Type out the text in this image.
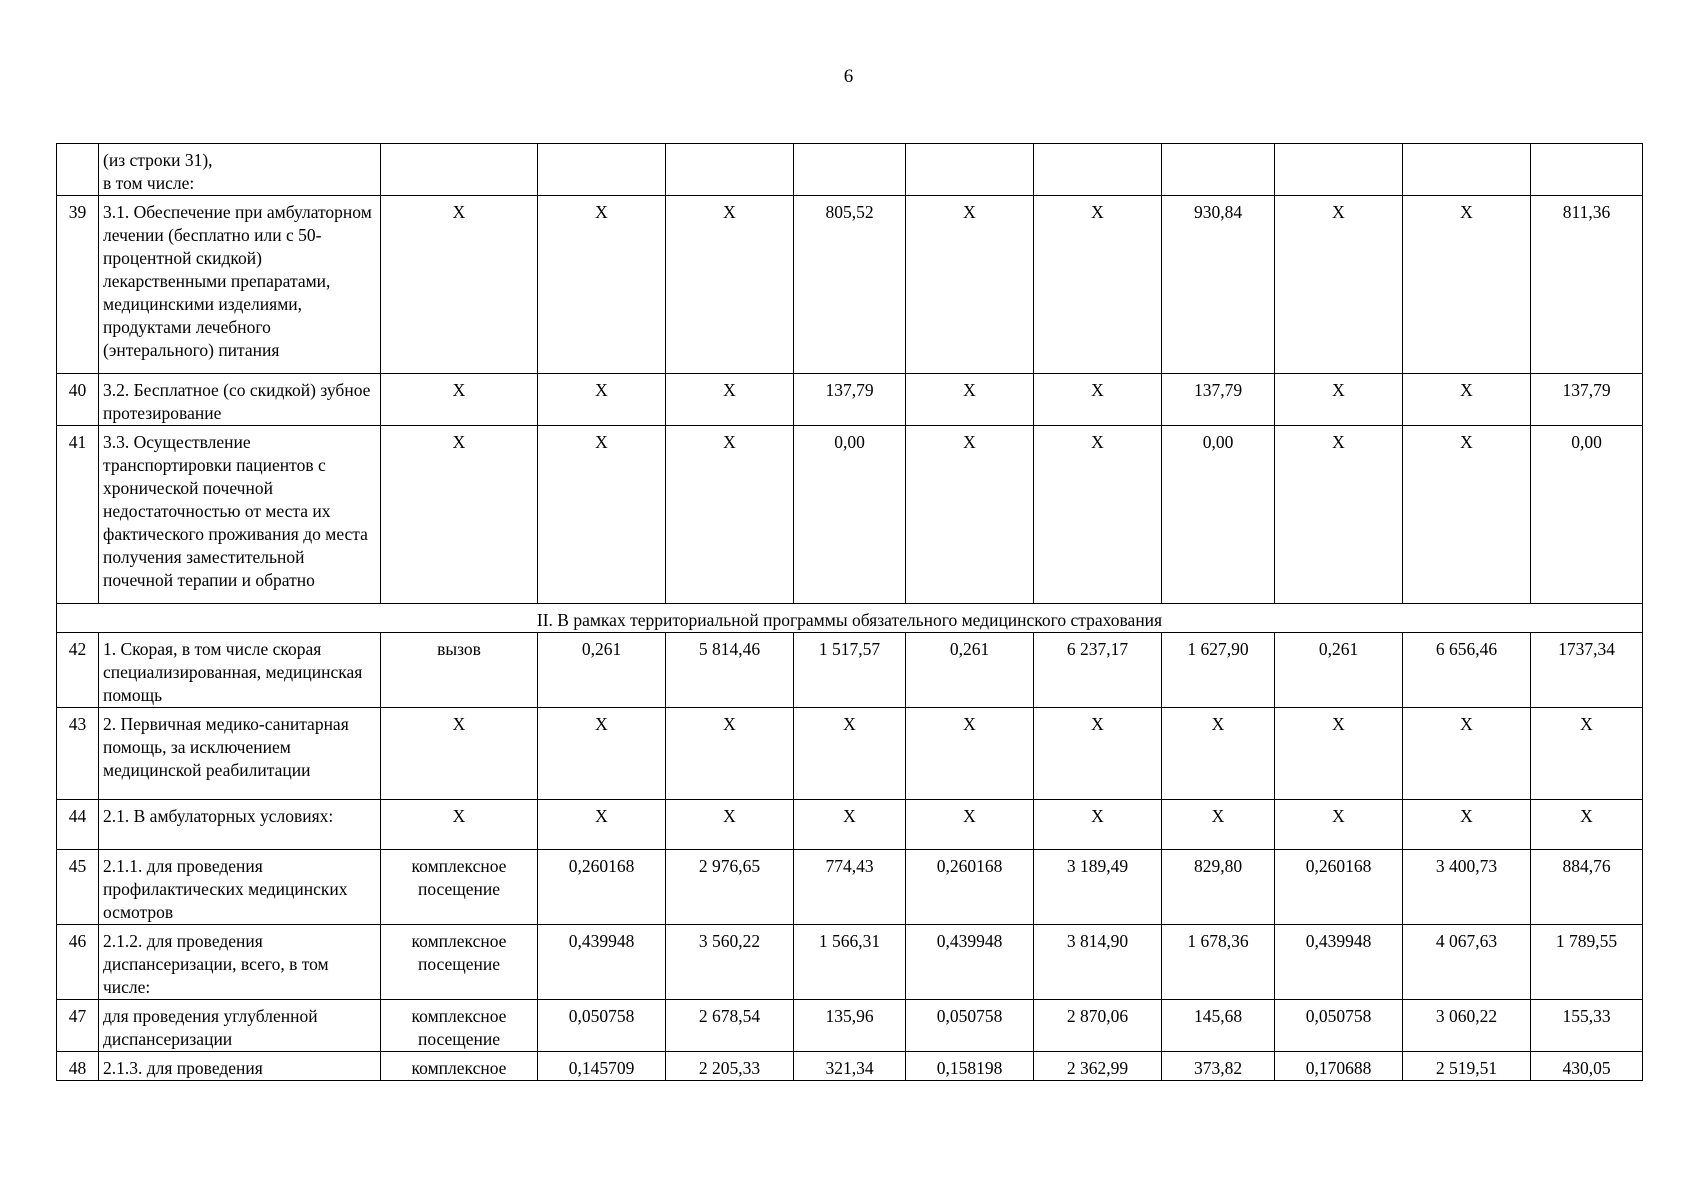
6
	(из строки 31),
в том числе:										
39	3.1. Обеспечение при амбулаторном лечении (бесплатно или с 50-процентной скидкой) лекарственными препаратами, медицинскими изделиями, продуктами лечебного (энтерального) питания	Х	Х	Х	805,52	Х	Х	930,84	Х	Х	811,36
40	3.2. Бесплатное (со скидкой) зубное протезирование	Х	Х	Х	137,79	Х	Х	137,79	Х	Х	137,79
41	3.3. Осуществление транспортировки пациентов с хронической почечной недостаточностью от места их фактического проживания до места получения заместительной почечной терапии и обратно	Х	Х	Х	0,00	Х	Х	0,00	Х	Х	0,00
II. В рамках территориальной программы обязательного медицинского страхования											
42	1. Скорая, в том числе скорая специализированная, медицинская помощь	вызов	0,261	5 814,46	1 517,57	0,261	6 237,17	1 627,90	0,261	6 656,46	1737,34
43	2. Первичная медико-санитарная помощь, за исключением медицинской реабилитации	Х	Х	Х	Х	Х	Х	Х	Х	Х	Х
44	2.1. В амбулаторных условиях:	Х	Х	Х	Х	Х	Х	Х	Х	Х	Х
45	2.1.1. для проведения профилактических медицинских осмотров	комплексное посещение	0,260168	2 976,65	774,43	0,260168	3 189,49	829,80	0,260168	3 400,73	884,76
46	2.1.2. для проведения диспансеризации, всего, в том числе:	комплексное посещение	0,439948	3 560,22	1 566,31	0,439948	3 814,90	1 678,36	0,439948	4 067,63	1 789,55
47	для проведения углубленной диспансеризации	комплексное посещение	0,050758	2 678,54	135,96	0,050758	2 870,06	145,68	0,050758	3 060,22	155,33
48	2.1.3. для проведения	комплексное	0,145709	2 205,33	321,34	0,158198	2 362,99	373,82	0,170688	2 519,51	430,05
